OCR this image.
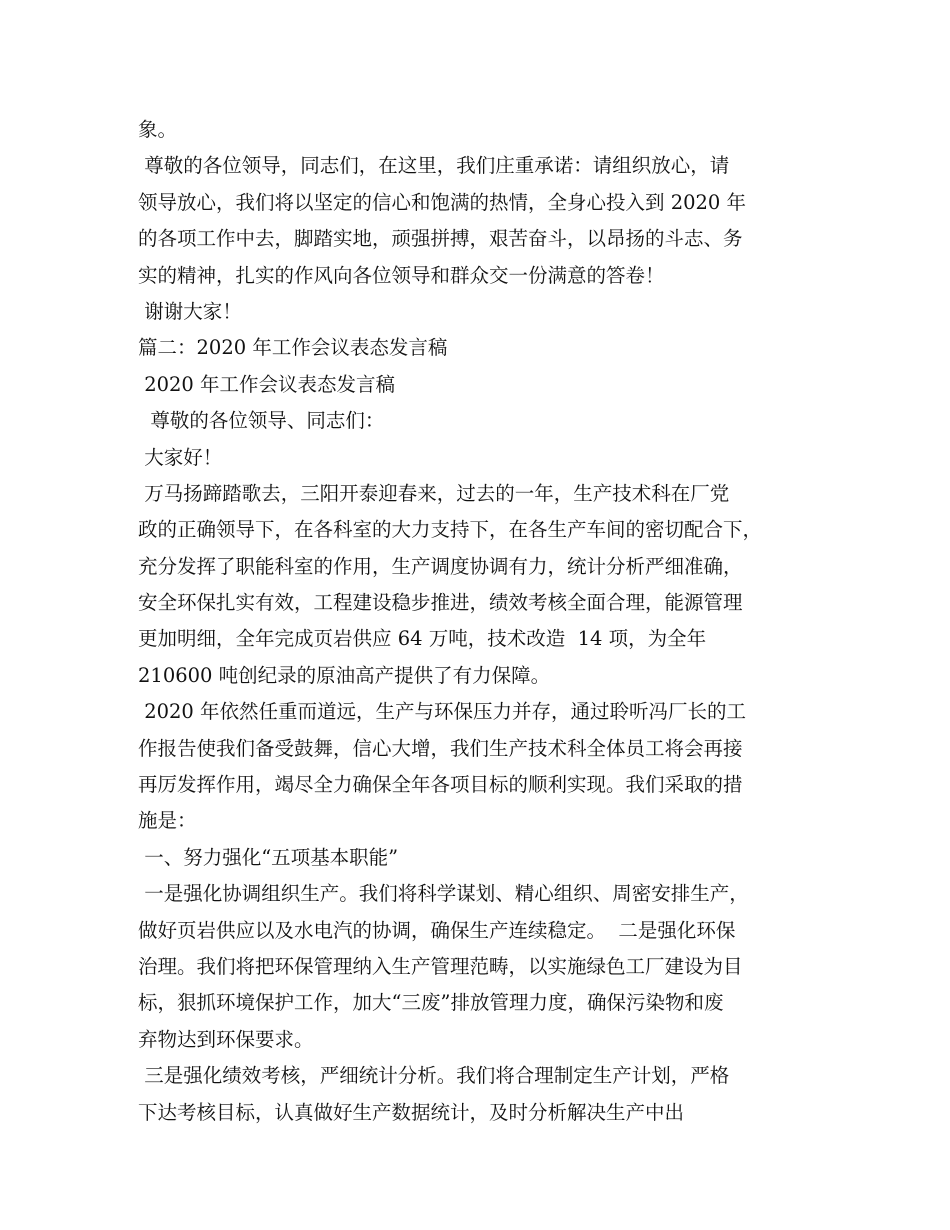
象。
尊敬的各位领导，同志们，在这里，我们庄重承诺：请组织放心，请
领导放心，我们将以坚定的信心和饱满的热情，全身心投入到 2020 年
的各项工作中去，脚踏实地，顽强拼搏，艰苦奋斗，以昂扬的斗志、务
实的精神，扎实的作风向各位领导和群众交一份满意的答卷！
谢谢大家！
篇二：2020 年工作会议表态发言稿
2020 年工作会议表态发言稿
尊敬的各位领导、同志们：
大家好！
万马扬蹄踏歌去，三阳开泰迎春来，过去的一年，生产技术科在厂党
政的正确领导下，在各科室的大力支持下，在各生产车间的密切配合下，
充分发挥了职能科室的作用，生产调度协调有力，统计分析严细准确，
安全环保扎实有效，工程建设稳步推进，绩效考核全面合理，能源管理
更加明细，全年完成页岩供应 64 万吨，技术改造  14 项，为全年
210600 吨创纪录的原油高产提供了有力保障。
2020 年依然任重而道远，生产与环保压力并存，通过聆听冯厂长的工
作报告使我们备受鼓舞，信心大增，我们生产技术科全体员工将会再接
再厉发挥作用，竭尽全力确保全年各项目标的顺利实现。我们采取的措
施是：
一、努力强化“五项基本职能”
一是强化协调组织生产。我们将科学谋划、精心组织、周密安排生产，
做好页岩供应以及水电汽的协调，确保生产连续稳定。  二是强化环保
治理。我们将把环保管理纳入生产管理范畴，以实施绿色工厂建设为目
标，狠抓环境保护工作，加大“三废”排放管理力度，确保污染物和废
弃物达到环保要求。
三是强化绩效考核，严细统计分析。我们将合理制定生产计划，严格
下达考核目标，认真做好生产数据统计，及时分析解决生产中出
